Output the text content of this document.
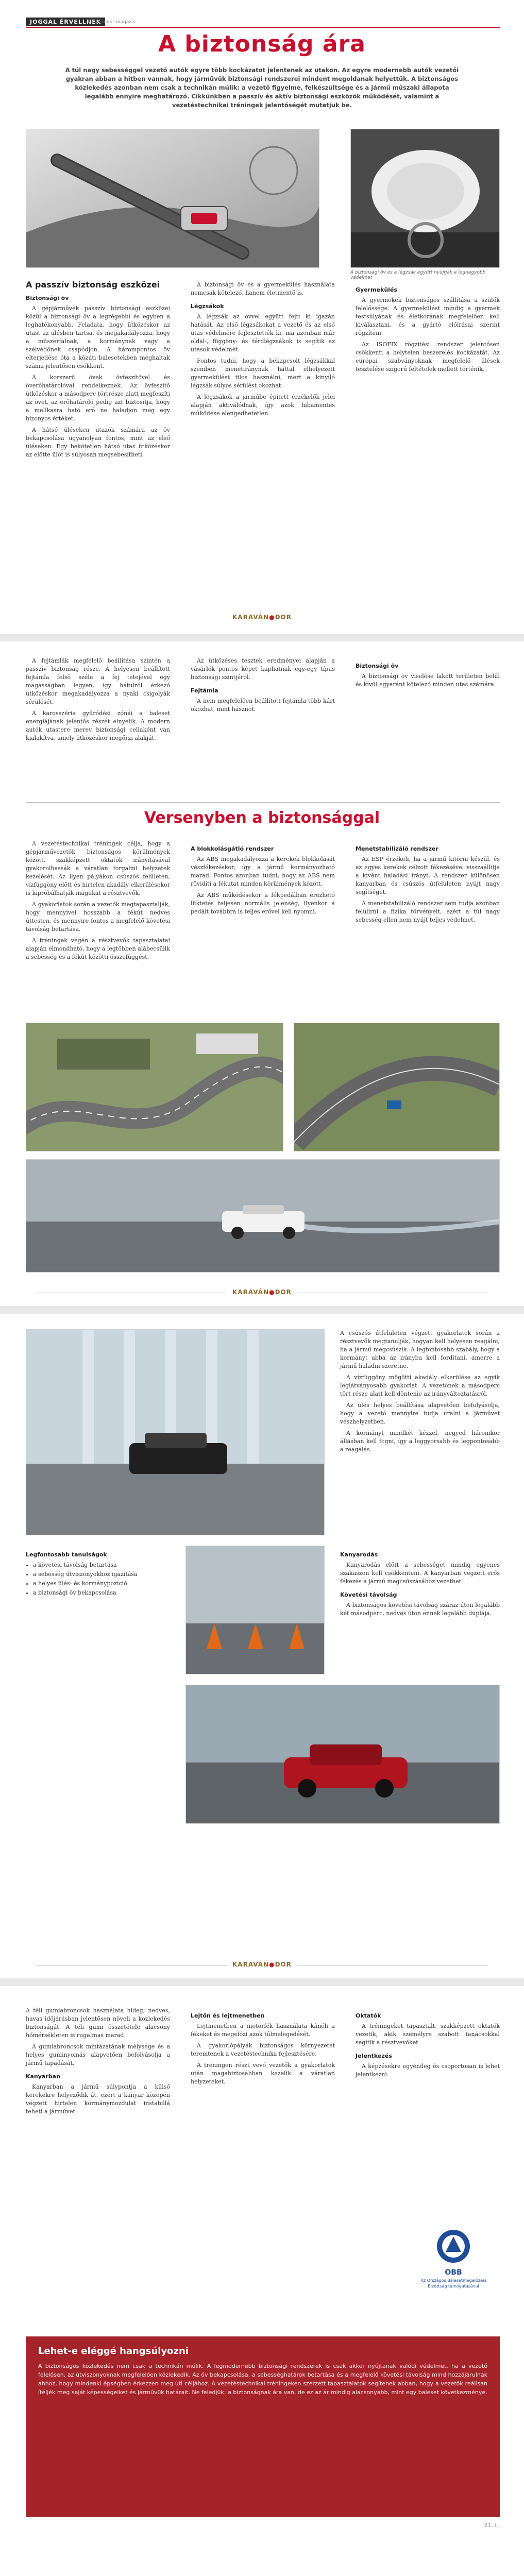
JOGGAL ÉRVELLNEK
Karavándor magazin
A biztonság ára

A túl nagy sebességgel vezető autók egyre több kockázatot jelentenek az utakon. Az egyre modernebb autók vezetői gyakran abban a hitben vannak, hogy járművük biztonsági rendszerei mindent megoldanak helyettük. A biztonságos közlekedés azonban nem csak a technikán múlik: a vezető figyelme, felkészültsége és a jármű műszaki állapota legalább ennyire meghatározó. Cikkünkben a passzív és aktív biztonsági eszközök működését, valamint a vezetéstechnikai tréningek jelentőségét mutatjuk be.

A biztonsági öv és a légzsák együtt nyújtják a legnagyobb védelmet
A passzív biztonság eszközei
Biztonsági öv

A gépjárművek passzív biztonsági eszközei közül a biztonsági öv a legrégebbi és egyben a leghatékonyabb. Feladata, hogy ütközéskor az utast az ülésben tartsa, és megakadályozza, hogy a műszerfalnak, a kormánynak vagy a szélvédőnek csapódjon. A hárompontos öv elterjedése óta a közúti balesetekben meghaltak száma jelentősen csökkent.

A korszerű övek övfeszítővel és överőhatárolóval rendelkeznek. Az övfeszítő ütközéskor a másodperc törtrésze alatt megfeszíti az övet, az erőhatároló pedig azt biztosítja, hogy a mellkasra ható erő ne haladjon meg egy bizonyos értéket.

A hátsó üléseken utazók számára az öv bekapcsolása ugyanolyan fontos, mint az első üléseken. Egy bekötetlen hátsó utas ütközéskor az előtte ülőt is súlyosan megsebesítheti.

A biztonsági öv és a gyermekülés használata nemcsak kötelező, hanem életmentő is.

Légzsákok

A légzsák az övvel együtt fejti ki igazán hatását. Az első légzsákokat a vezető és az első utas védelmére fejlesztették ki, ma azonban már oldal-, függöny- és térdlégzsákok is segítik az utasok védelmét.

Fontos tudni, hogy a bekapcsolt légzsákkal szemben menetiránynak háttal elhelyezett gyermekülést tilos használni, mert a kinyíló légzsák súlyos sérülést okozhat.

A légzsákok a járműbe épített érzékelők jelei alapján aktiválódnak, így azok hibamentes működése elengedhetetlen.

Gyermekülés

A gyermekek biztonságos szállítása a szülők felelőssége. A gyermekülést mindig a gyermek testsúlyának és életkorának megfelelően kell kiválasztani, és a gyártó előírásai szerint rögzíteni.

Az ISOFIX rögzítési rendszer jelentősen csökkenti a helytelen beszerelés kockázatát. Az európai szabványoknak megfelelő ülések tesztelése szigorú feltételek mellett történik.

KARAVÁN●DOR

A fejtámlák megfelelő beállítása szintén a passzív biztonság része. A helyesen beállított fejtámla felső széle a fej tetejével egy magasságban legyen, így hátulról érkező ütközéskor megakadályozza a nyaki csigolyák sérülését.

A karosszéria gyűrődési zónái a baleset energiájának jelentős részét elnyelik. A modern autók utastere merev biztonsági cellaként van kialakítva, amely ütközéskor megőrzi alakját.

Az ütközéses tesztek eredményei alapján a vásárlók pontos képet kaphatnak egy-egy típus biztonsági szintjéről.

Fejtámla

A nem megfelelően beállított fejtámla több kárt okozhat, mint hasznot.

Biztonsági öv

A biztonsági öv viselése lakott területen belül és kívül egyaránt kötelező minden utas számára.

Versenyben a biztonsággal

A vezetéstechnikai tréningek célja, hogy a gépjárművezetők biztonságos körülmények között, szakképzett oktatók irányításával gyakorolhassák a váratlan forgalmi helyzetek kezelését. Az ilyen pályákon csúszós felületen, vízfüggöny előtt és hirtelen akadály elkerülésekor is kipróbálhatják magukat a résztvevők.

A gyakorlatok során a vezetők megtapasztalják, hogy mennyivel hosszabb a fékút nedves úttesten, és mennyire fontos a megfelelő követési távolság betartása.

A tréningek végén a résztvevők tapasztalatai alapján elmondható, hogy a legtöbben alábecsülik a sebesség és a fékút közötti összefüggést.

A blokkolásgátló rendszer

Az ABS megakadályozza a kerekek blokkolását vészfékezéskor, így a jármű kormányozható marad. Fontos azonban tudni, hogy az ABS nem rövidíti a fékutat minden körülmények között.

Az ABS működésekor a fékpedálban érezhető lüktetés teljesen normális jelenség, ilyenkor a pedált továbbra is teljes erővel kell nyomni.

Menetstabilizáló rendszer

Az ESP érzékeli, ha a jármű kitörni készül, és az egyes kerekek célzott fékezésével visszaállítja a kívánt haladási irányt. A rendszer különösen kanyarban és csúszós útfelületen nyújt nagy segítséget.

A menetstabilizáló rendszer sem tudja azonban felülírni a fizika törvényeit, ezért a túl nagy sebesség ellen nem nyújt teljes védelmet.

KARAVÁN●DOR

A csúszós útfelületen végzett gyakorlatok során a résztvevők megtanulják, hogyan kell helyesen reagálni, ha a jármű megcsúszik. A legfontosabb szabály, hogy a kormányt abba az irányba kell fordítani, amerre a jármű haladni szeretne.

A vízfüggöny mögötti akadály elkerülése az egyik leglátványosabb gyakorlat. A vezetőnek a másodperc tört része alatt kell döntenie az irányváltoztatásról.

Az ülés helyes beállítása alapvetően befolyásolja, hogy a vezető mennyire tudja uralni a járművet vészhelyzetben.

A kormányt mindkét kézzel, negyed háromkor állásban kell fogni, így a leggyorsabb és legpontosabb a reagálás.

Legfontosabb tanulságok
• a követési távolság betartása
• a sebesség útviszonyokhoz igazítása
• a helyes ülés- és kormánypozíció
• a biztonsági öv bekapcsolása
Kanyarodás

Kanyarodás előtt a sebességet mindig egyenes szakaszon kell csökkenteni. A kanyarban végzett erős fékezés a jármű megcsúszásához vezethet.

Követési távolság

A biztonságos követési távolság száraz úton legalább két másodperc, nedves úton ennek legalább duplája.

KARAVÁN●DOR

A téli gumiabroncsok használata hideg, nedves, havas időjárásban jelentősen növeli a közlekedés biztonságát. A téli gumi összetétele alacsony hőmérsékleten is rugalmas marad.

A gumiabroncsok mintázatának mélysége és a helyes guminyomás alapvetően befolyásolja a jármű tapadását.

Kanyarban

Kanyarban a jármű súlypontja a külső kerekekre helyeződik át, ezért a kanyar közepén végzett hirtelen kormánymozdulat instabillá teheti a járművet.

Lejtőn és lejtmenetben

Lejtmenetben a motorfék használata kíméli a fékeket és megelőzi azok túlmelegedését.

A gyakorlópályák biztonságos környezetet teremtenek a vezetéstechnika fejlesztésére.

A tréningen részt vevő vezetők a gyakorlatok után magabiztosabban kezelik a váratlan helyzeteket.

Oktatók

A tréningeket tapasztalt, szakképzett oktatók vezetik, akik személyre szabott tanácsokkal segítik a résztvevőket.

Jelentkezés

A képzésekre egyénileg és csoportosan is lehet jelentkezni.

OBB
Az Országos Balesetmegelőzési Bizottság támogatásával
Lehet-e eléggé hangsúlyozni

A biztonságos közlekedés nem csak a technikán múlik. A legmodernebb biztonsági rendszerek is csak akkor nyújtanak valódi védelmet, ha a vezető felelősen, az útviszonyoknak megfelelően közlekedik. Az öv bekapcsolása, a sebességhatárok betartása és a megfelelő követési távolság mind hozzájárulnak ahhoz, hogy mindenki épségben érkezzen meg úti céljához. A vezetéstechnikai tréningeken szerzett tapasztalatok segítenek abban, hogy a vezetők reálisan ítéljék meg saját képességeiket és járművük határait. Ne feledjük: a biztonságnak ára van, de ez az ár mindig alacsonyabb, mint egy baleset következménye.

21. l.
